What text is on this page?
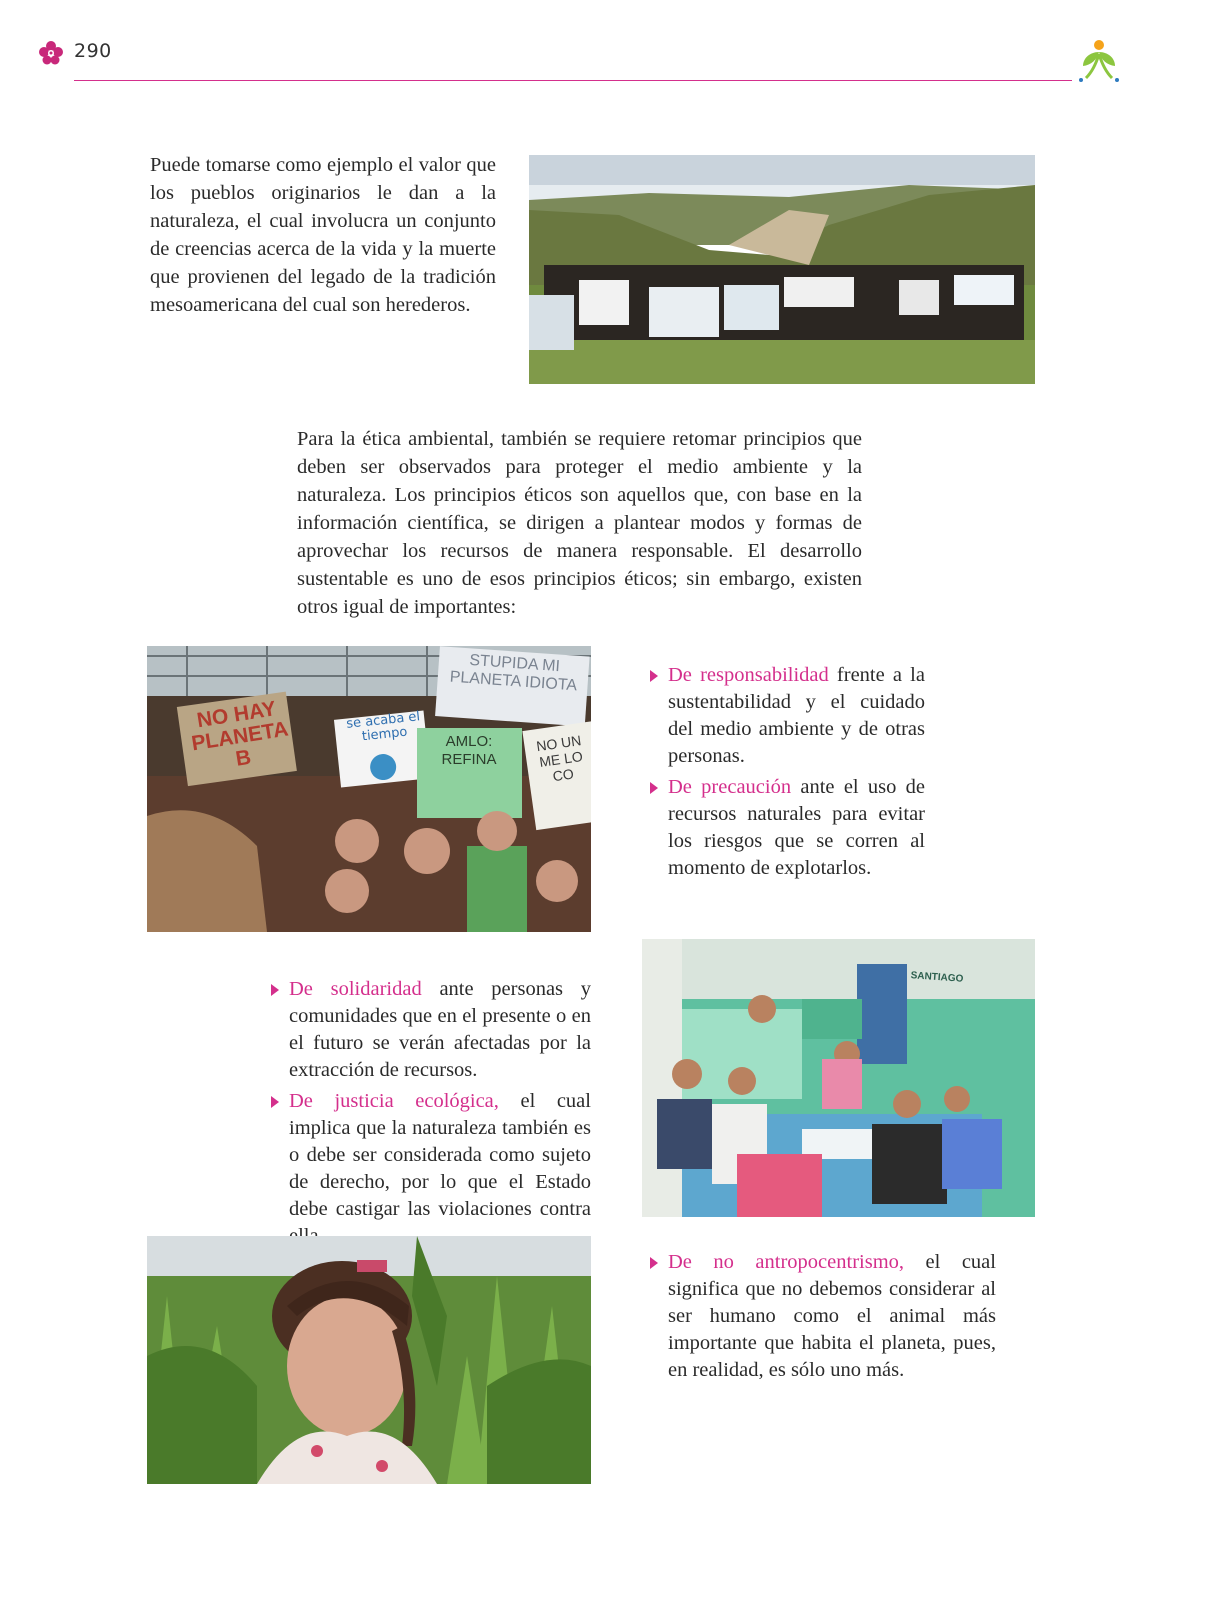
290

Puede tomarse como ejemplo el valor que los pueblos originarios le dan a la naturaleza, el cual involucra un conjunto de creencias acerca de la vida y la muerte que provienen del legado de la tradición mesoamericana del cual son herederos.

Para la ética ambiental, también se requiere retomar principios que deben ser observados para proteger el medio ambiente y la naturaleza. Los principios éticos son aquellos que, con base en la información científica, se dirigen a plantear modos y formas de aprovechar los recursos de manera responsable. El desarrollo sustentable es uno de esos principios éticos; sin embargo, existen otros igual de importantes:

NO HAY PLANETA B
se acaba el tiempo
STUPIDA MI PLANETA IDIOTA
AMLO: REFINA
NO UN ME LO CO
De responsabilidad frente a la sustentabilidad y el cuidado del medio ambiente y de otras personas.
De precaución ante el uso de recursos naturales para evitar los riesgos que se corren al momento de explotarlos.
SANTIAGO
De solidaridad ante personas y comunidades que en el presente o en el futuro se verán afectadas por la extracción de recursos.
De justicia ecológica, el cual implica que la naturaleza también es o debe ser considerada como sujeto de derecho, por lo que el Estado debe castigar las violaciones contra
De no antropocentrismo, el cual significa que no debemos considerar al ser humano como el animal más importante que habita el planeta, pues, en realidad, es sólo uno más.
